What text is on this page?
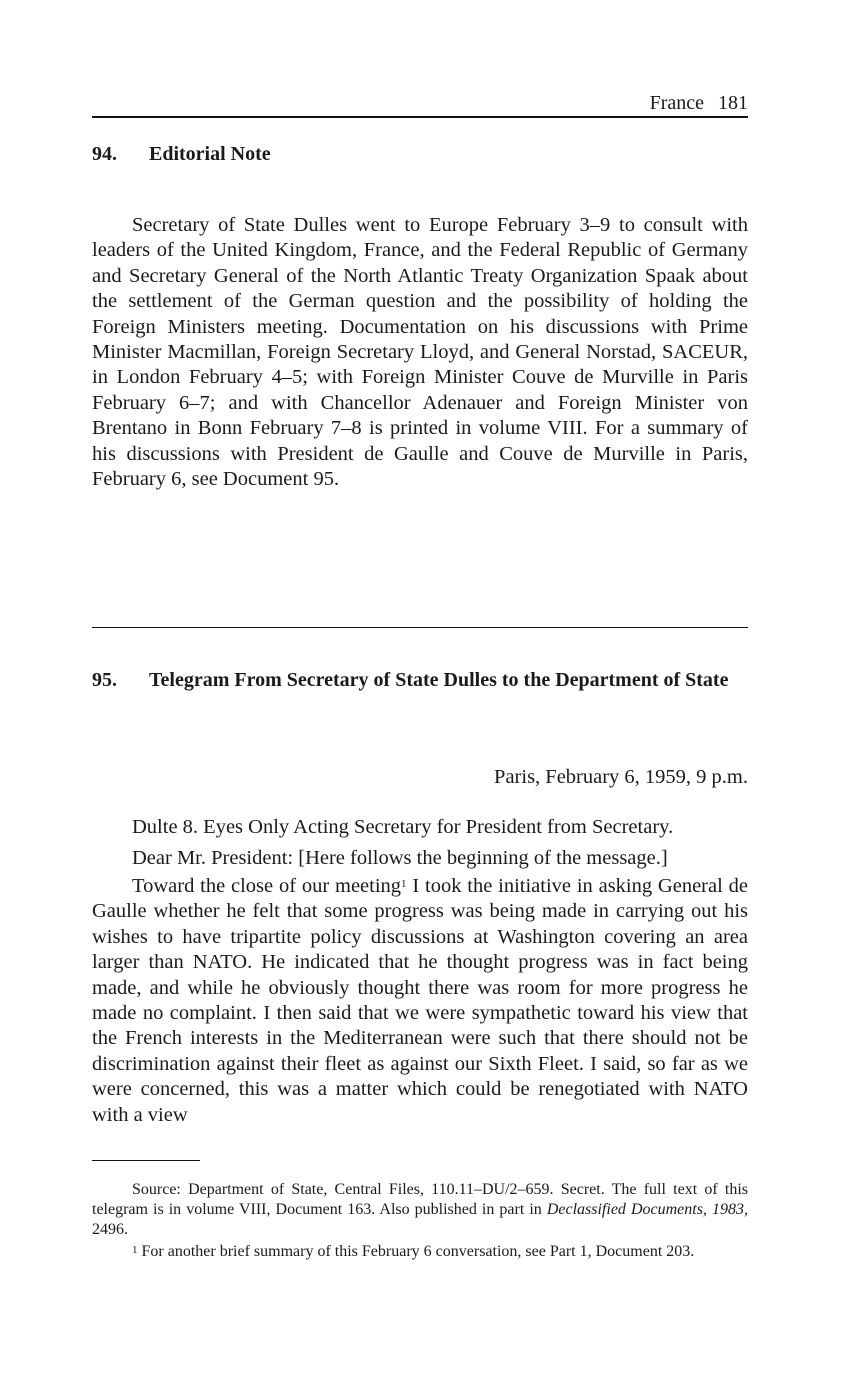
France 181
94. Editorial Note

Secretary of State Dulles went to Europe February 3–9 to consult with leaders of the United Kingdom, France, and the Federal Republic of Germany and Secretary General of the North Atlantic Treaty Organization Spaak about the settlement of the German question and the possibility of holding the Foreign Ministers meeting. Documentation on his discussions with Prime Minister Macmillan, Foreign Secretary Lloyd, and General Norstad, SACEUR, in London February 4–5; with Foreign Minister Couve de Murville in Paris February 6–7; and with Chancellor Adenauer and Foreign Minister von Brentano in Bonn February 7–8 is printed in volume VIII. For a summary of his discussions with President de Gaulle and Couve de Murville in Paris, February 6, see Document 95.

95. Telegram From Secretary of State Dulles to the Department of State
Paris, February 6, 1959, 9 p.m.

Dulte 8. Eyes Only Acting Secretary for President from Secretary.

Dear Mr. President: [Here follows the beginning of the message.]

Toward the close of our meeting$^1$ I took the initiative in asking General de Gaulle whether he felt that some progress was being made in carrying out his wishes to have tripartite policy discussions at Washington covering an area larger than NATO. He indicated that he thought progress was in fact being made, and while he obviously thought there was room for more progress he made no complaint. I then said that we were sympathetic toward his view that the French interests in the Mediterranean were such that there should not be discrimination against their fleet as against our Sixth Fleet. I said, so far as we were concerned, this was a matter which could be renegotiated with NATO with a view

Source: Department of State, Central Files, 110.11–DU/2–659. Secret. The full text of this telegram is in volume VIII, Document 163. Also published in part in Declassified Documents, 1983, 2496.

$^1$ For another brief summary of this February 6 conversation, see Part 1, Document 203.
